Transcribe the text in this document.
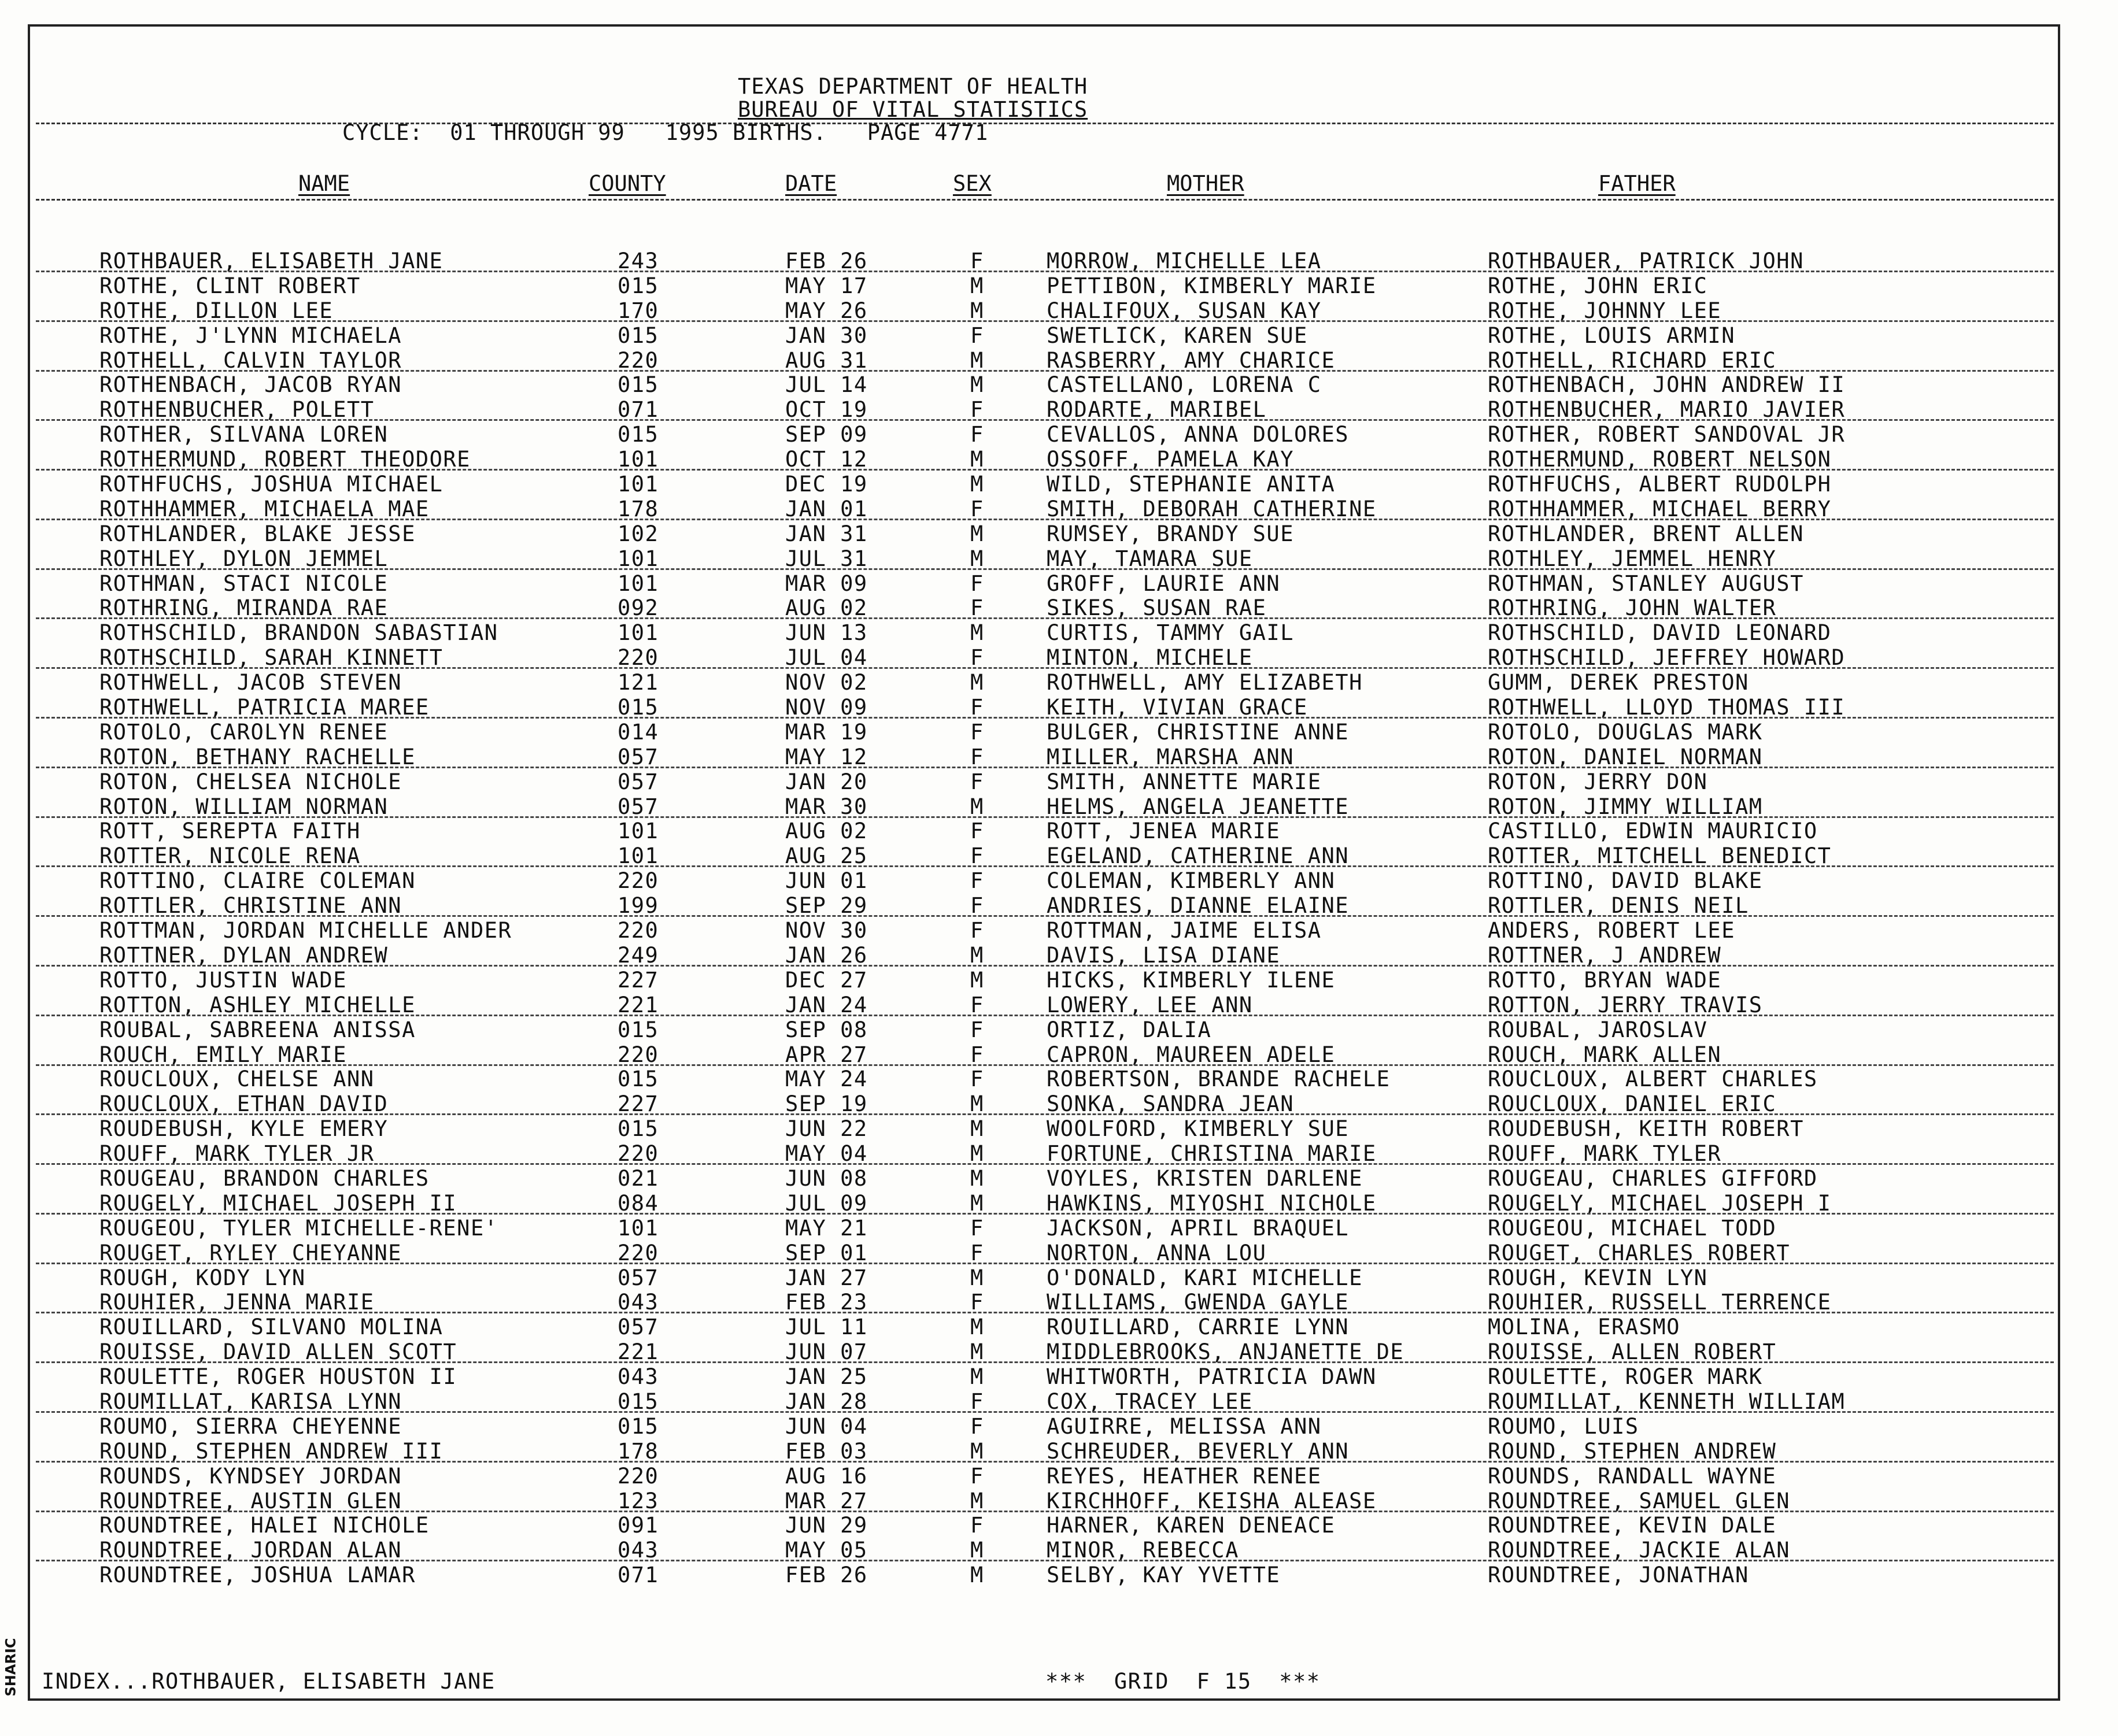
SHARIC
TEXAS DEPARTMENT OF HEALTH
BUREAU OF VITAL STATISTICS
CYCLE:  01 THROUGH 99   1995 BIRTHS.   PAGE 4771
NAME	COUNTY	DATE	SEX	MOTHER	FATHER
ROTHBAUER, ELISABETH JANE	243	FEB 26	F	MORROW, MICHELLE LEA	ROTHBAUER, PATRICK JOHN
ROTHE, CLINT ROBERT	015	MAY 17	M	PETTIBON, KIMBERLY MARIE	ROTHE, JOHN ERIC
ROTHE, DILLON LEE	170	MAY 26	M	CHALIFOUX, SUSAN KAY	ROTHE, JOHNNY LEE
ROTHE, J'LYNN MICHAELA	015	JAN 30	F	SWETLICK, KAREN SUE	ROTHE, LOUIS ARMIN
ROTHELL, CALVIN TAYLOR	220	AUG 31	M	RASBERRY, AMY CHARICE	ROTHELL, RICHARD ERIC
ROTHENBACH, JACOB RYAN	015	JUL 14	M	CASTELLANO, LORENA C	ROTHENBACH, JOHN ANDREW II
ROTHENBUCHER, POLETT	071	OCT 19	F	RODARTE, MARIBEL	ROTHENBUCHER, MARIO JAVIER
ROTHER, SILVANA LOREN	015	SEP 09	F	CEVALLOS, ANNA DOLORES	ROTHER, ROBERT SANDOVAL JR
ROTHERMUND, ROBERT THEODORE	101	OCT 12	M	OSSOFF, PAMELA KAY	ROTHERMUND, ROBERT NELSON
ROTHFUCHS, JOSHUA MICHAEL	101	DEC 19	M	WILD, STEPHANIE ANITA	ROTHFUCHS, ALBERT RUDOLPH
ROTHHAMMER, MICHAELA MAE	178	JAN 01	F	SMITH, DEBORAH CATHERINE	ROTHHAMMER, MICHAEL BERRY
ROTHLANDER, BLAKE JESSE	102	JAN 31	M	RUMSEY, BRANDY SUE	ROTHLANDER, BRENT ALLEN
ROTHLEY, DYLON JEMMEL	101	JUL 31	M	MAY, TAMARA SUE	ROTHLEY, JEMMEL HENRY
ROTHMAN, STACI NICOLE	101	MAR 09	F	GROFF, LAURIE ANN	ROTHMAN, STANLEY AUGUST
ROTHRING, MIRANDA RAE	092	AUG 02	F	SIKES, SUSAN RAE	ROTHRING, JOHN WALTER
ROTHSCHILD, BRANDON SABASTIAN	101	JUN 13	M	CURTIS, TAMMY GAIL	ROTHSCHILD, DAVID LEONARD
ROTHSCHILD, SARAH KINNETT	220	JUL 04	F	MINTON, MICHELE	ROTHSCHILD, JEFFREY HOWARD
ROTHWELL, JACOB STEVEN	121	NOV 02	M	ROTHWELL, AMY ELIZABETH	GUMM, DEREK PRESTON
ROTHWELL, PATRICIA MAREE	015	NOV 09	F	KEITH, VIVIAN GRACE	ROTHWELL, LLOYD THOMAS III
ROTOLO, CAROLYN RENEE	014	MAR 19	F	BULGER, CHRISTINE ANNE	ROTOLO, DOUGLAS MARK
ROTON, BETHANY RACHELLE	057	MAY 12	F	MILLER, MARSHA ANN	ROTON, DANIEL NORMAN
ROTON, CHELSEA NICHOLE	057	JAN 20	F	SMITH, ANNETTE MARIE	ROTON, JERRY DON
ROTON, WILLIAM NORMAN	057	MAR 30	M	HELMS, ANGELA JEANETTE	ROTON, JIMMY WILLIAM
ROTT, SEREPTA FAITH	101	AUG 02	F	ROTT, JENEA MARIE	CASTILLO, EDWIN MAURICIO
ROTTER, NICOLE RENA	101	AUG 25	F	EGELAND, CATHERINE ANN	ROTTER, MITCHELL BENEDICT
ROTTINO, CLAIRE COLEMAN	220	JUN 01	F	COLEMAN, KIMBERLY ANN	ROTTINO, DAVID BLAKE
ROTTLER, CHRISTINE ANN	199	SEP 29	F	ANDRIES, DIANNE ELAINE	ROTTLER, DENIS NEIL
ROTTMAN, JORDAN MICHELLE ANDER	220	NOV 30	F	ROTTMAN, JAIME ELISA	ANDERS, ROBERT LEE
ROTTNER, DYLAN ANDREW	249	JAN 26	M	DAVIS, LISA DIANE	ROTTNER, J ANDREW
ROTTO, JUSTIN WADE	227	DEC 27	M	HICKS, KIMBERLY ILENE	ROTTO, BRYAN WADE
ROTTON, ASHLEY MICHELLE	221	JAN 24	F	LOWERY, LEE ANN	ROTTON, JERRY TRAVIS
ROUBAL, SABREENA ANISSA	015	SEP 08	F	ORTIZ, DALIA	ROUBAL, JAROSLAV
ROUCH, EMILY MARIE	220	APR 27	F	CAPRON, MAUREEN ADELE	ROUCH, MARK ALLEN
ROUCLOUX, CHELSE ANN	015	MAY 24	F	ROBERTSON, BRANDE RACHELE	ROUCLOUX, ALBERT CHARLES
ROUCLOUX, ETHAN DAVID	227	SEP 19	M	SONKA, SANDRA JEAN	ROUCLOUX, DANIEL ERIC
ROUDEBUSH, KYLE EMERY	015	JUN 22	M	WOOLFORD, KIMBERLY SUE	ROUDEBUSH, KEITH ROBERT
ROUFF, MARK TYLER JR	220	MAY 04	M	FORTUNE, CHRISTINA MARIE	ROUFF, MARK TYLER
ROUGEAU, BRANDON CHARLES	021	JUN 08	M	VOYLES, KRISTEN DARLENE	ROUGEAU, CHARLES GIFFORD
ROUGELY, MICHAEL JOSEPH II	084	JUL 09	M	HAWKINS, MIYOSHI NICHOLE	ROUGELY, MICHAEL JOSEPH I
ROUGEOU, TYLER MICHELLE-RENE'	101	MAY 21	F	JACKSON, APRIL BRAQUEL	ROUGEOU, MICHAEL TODD
ROUGET, RYLEY CHEYANNE	220	SEP 01	F	NORTON, ANNA LOU	ROUGET, CHARLES ROBERT
ROUGH, KODY LYN	057	JAN 27	M	O'DONALD, KARI MICHELLE	ROUGH, KEVIN LYN
ROUHIER, JENNA MARIE	043	FEB 23	F	WILLIAMS, GWENDA GAYLE	ROUHIER, RUSSELL TERRENCE
ROUILLARD, SILVANO MOLINA	057	JUL 11	M	ROUILLARD, CARRIE LYNN	MOLINA, ERASMO
ROUISSE, DAVID ALLEN SCOTT	221	JUN 07	M	MIDDLEBROOKS, ANJANETTE DE	ROUISSE, ALLEN ROBERT
ROULETTE, ROGER HOUSTON II	043	JAN 25	M	WHITWORTH, PATRICIA DAWN	ROULETTE, ROGER MARK
ROUMILLAT, KARISA LYNN	015	JAN 28	F	COX, TRACEY LEE	ROUMILLAT, KENNETH WILLIAM
ROUMO, SIERRA CHEYENNE	015	JUN 04	F	AGUIRRE, MELISSA ANN	ROUMO, LUIS
ROUND, STEPHEN ANDREW III	178	FEB 03	M	SCHREUDER, BEVERLY ANN	ROUND, STEPHEN ANDREW
ROUNDS, KYNDSEY JORDAN	220	AUG 16	F	REYES, HEATHER RENEE	ROUNDS, RANDALL WAYNE
ROUNDTREE, AUSTIN GLEN	123	MAR 27	M	KIRCHHOFF, KEISHA ALEASE	ROUNDTREE, SAMUEL GLEN
ROUNDTREE, HALEI NICHOLE	091	JUN 29	F	HARNER, KAREN DENEACE	ROUNDTREE, KEVIN DALE
ROUNDTREE, JORDAN ALAN	043	MAY 05	M	MINOR, REBECCA	ROUNDTREE, JACKIE ALAN
ROUNDTREE, JOSHUA LAMAR	071	FEB 26	M	SELBY, KAY YVETTE	ROUNDTREE, JONATHAN
INDEX...ROTHBAUER, ELISABETH JANE	***  GRID  F 15  ***
